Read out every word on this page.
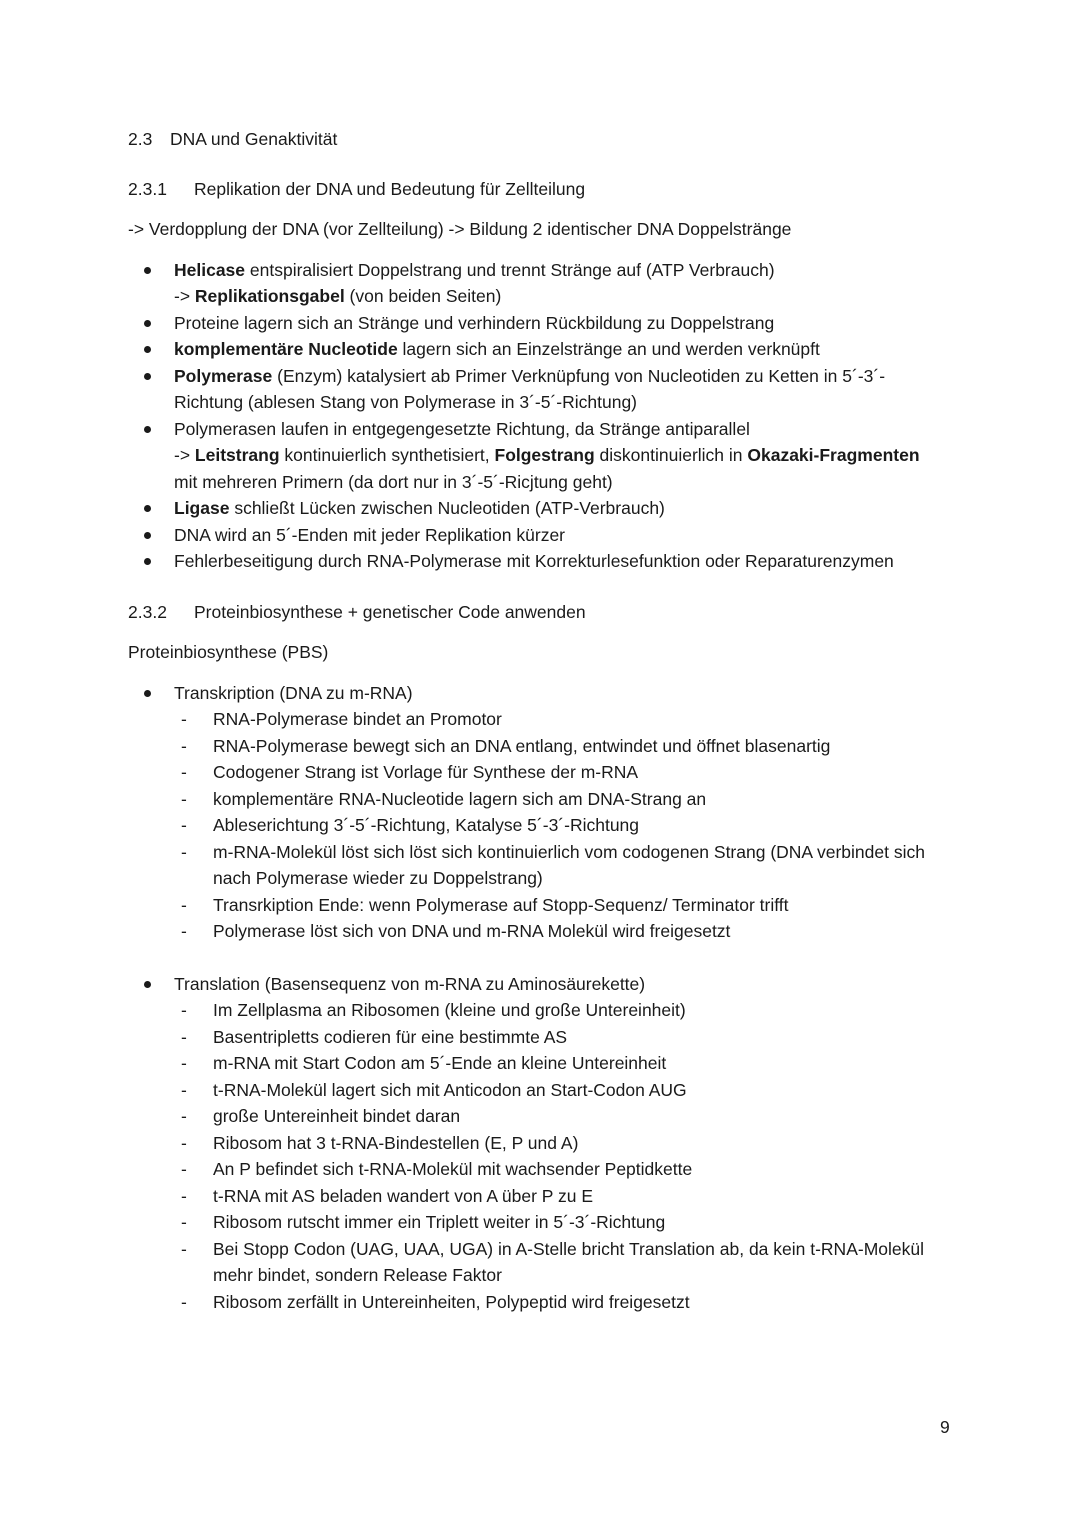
2.3 DNA und Genaktivität
2.3.1 Replikation der DNA und Bedeutung für Zellteilung
-> Verdopplung der DNA (vor Zellteilung) -> Bildung 2 identischer DNA Doppelstränge
Helicase entspiralisiert Doppelstrang und trennt Stränge auf (ATP Verbrauch)
-> Replikationsgabel (von beiden Seiten)
Proteine lagern sich an Stränge und verhindern Rückbildung zu Doppelstrang
komplementäre Nucleotide lagern sich an Einzelstränge an und werden verknüpft
Polymerase (Enzym) katalysiert ab Primer Verknüpfung von Nucleotiden zu Ketten in 5´-3´-
Richtung (ablesen Stang von Polymerase in 3´-5´-Richtung)
Polymerasen laufen in entgegengesetzte Richtung, da Stränge antiparallel
-> Leitstrang kontinuierlich synthetisiert, Folgestrang diskontinuierlich in Okazaki-Fragmenten
mit mehreren Primern (da dort nur in 3´-5´-Ricjtung geht)
Ligase schließt Lücken zwischen Nucleotiden (ATP-Verbrauch)
DNA wird an 5´-Enden mit jeder Replikation kürzer
Fehlerbeseitigung durch RNA-Polymerase mit Korrekturlesefunktion oder Reparaturenzymen
2.3.2 Proteinbiosynthese + genetischer Code anwenden
Proteinbiosynthese (PBS)
Transkription (DNA zu m-RNA)
- RNA-Polymerase bindet an Promotor
- RNA-Polymerase bewegt sich an DNA entlang, entwindet und öffnet blasenartig
- Codogener Strang ist Vorlage für Synthese der m-RNA
- komplementäre RNA-Nucleotide lagern sich am DNA-Strang an
- Ableserichtung 3´-5´-Richtung, Katalyse 5´-3´-Richtung
- m-RNA-Molekül löst sich löst sich kontinuierlich vom codogenen Strang (DNA verbindet sich nach Polymerase wieder zu Doppelstrang)
- Transrkiption Ende: wenn Polymerase auf Stopp-Sequenz/ Terminator trifft
- Polymerase löst sich von DNA und m-RNA Molekül wird freigesetzt
Translation (Basensequenz von m-RNA zu Aminosäurekette)
- Im Zellplasma an Ribosomen (kleine und große Untereinheit)
- Basentripletts codieren für eine bestimmte AS
- m-RNA mit Start Codon am 5´-Ende an kleine Untereinheit
- t-RNA-Molekül lagert sich mit Anticodon an Start-Codon AUG
- große Untereinheit bindet daran
- Ribosom hat 3 t-RNA-Bindestellen (E, P und A)
- An P befindet sich t-RNA-Molekül mit wachsender Peptidkette
- t-RNA mit AS beladen wandert von A über P zu E
- Ribosom rutscht immer ein Triplett weiter in 5´-3´-Richtung
- Bei Stopp Codon (UAG, UAA, UGA) in A-Stelle bricht Translation ab, da kein t-RNA-Molekül mehr bindet, sondern Release Faktor
- Ribosom zerfällt in Untereinheiten, Polypeptid wird freigesetzt
9
